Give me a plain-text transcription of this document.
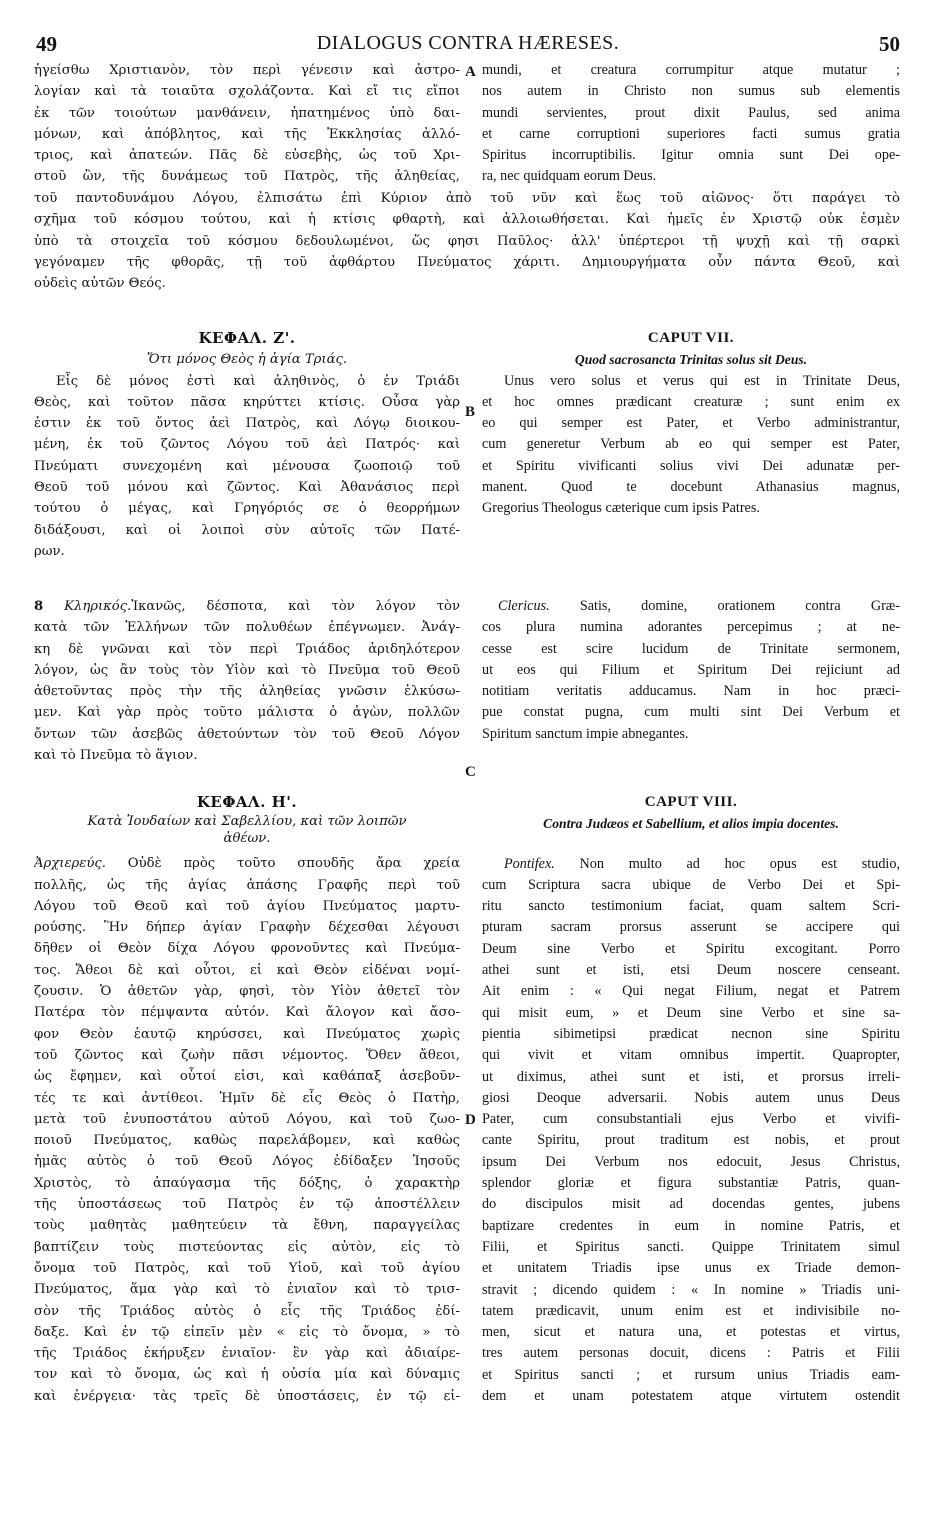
49	DIALOGUS CONTRA HÆRESES.	50
ἡγείσθω Χριστιανὸν, τὸν περὶ γένεσιν καὶ ἀστρο-
λογίαν καὶ τὰ τοιαῦτα σχολάζοντα. Καὶ εἴ τις εἴποι
ἐκ τῶν τοιούτων μανθάνειν, ἠπατημένος ὑπὸ δαι-
μόνων, καὶ ἀπόβλητος, καὶ τῆς Ἐκκλησίας ἀλλό-
τριος, καὶ ἀπατεών. Πᾶς δὲ εὐσεβὴς, ὡς τοῦ Χρι-
στοῦ ὢν, τῆς δυνάμεως τοῦ Πατρὸς, τῆς ἀληθείας,
A mundi, et creatura corrumpitur atque mutatur ;
nos autem in Christo non sumus sub elementis
mundi servientes, prout dixit Paulus, sed anima
et carne corruptioni superiores facti sumus gratia
Spiritus incorruptibilis. Igitur omnia sunt Dei ope-
ra, nec quidquam eorum Deus.
τοῦ παντοδυνάμου Λόγου, ἐλπισάτω ἐπὶ Κύριον ἀπὸ τοῦ νῦν καὶ ἕως τοῦ αἰῶνος· ὅτι παράγει τὸ
σχῆμα τοῦ κόσμου τούτου, καὶ ἡ κτίσις φθαρτὴ, καὶ ἀλλοιωθήσεται. Καὶ ἡμεῖς ἐν Χριστῷ οὐκ ἐσμὲν
ὑπὸ τὰ στοιχεῖα τοῦ κόσμου δεδουλωμένοι, ὥς φησι Παῦλος· ἀλλ' ὑπέρτεροι τῇ ψυχῇ καὶ τῇ σαρκὶ
γεγόναμεν τῆς φθορᾶς, τῇ τοῦ ἀφθάρτου Πνεύματος χάριτι. Δημιουργήματα οὖν πάντα Θεοῦ, καὶ
οὐδεὶς αὐτῶν Θεός.
ΚΕΦΑΛ. Ζ'.
Ὅτι μόνος Θεὸς ἡ ἁγία Τριάς.
Εἷς δὲ μόνος ἐστὶ καὶ ἀληθινὸς, ὁ ἐν Τριάδι
Θεὸς, καὶ τοῦτον πᾶσα κηρύττει κτίσις. Οὖσα γὰρ
ἐστιν ἐκ τοῦ ὄντος ἀεὶ Πατρὸς, καὶ Λόγῳ διοικου-
μένη, ἐκ τοῦ ζῶντος Λόγου τοῦ ἀεὶ Πατρός· καὶ
Πνεύματι συνεχομένη καὶ μένουσα ζωοποιῷ τοῦ
Θεοῦ τοῦ μόνου καὶ ζῶντος. Καὶ Ἀθανάσιος περὶ
τούτου ὁ μέγας, καὶ Γρηγόριός σε ὁ θεορρήμων
διδάξουσι, καὶ οἱ λοιποὶ σὺν αὐτοῖς τῶν Πατέ-
ρων.
B
CAPUT VII.
Quod sacrosancta Trinitas solus sit Deus.
Unus vero solus et verus qui est in Trinitate Deus,
et hoc omnes prædicant creaturæ ; sunt enim ex
eo qui semper est Pater, et Verbo administrantur,
cum generetur Verbum ab eo qui semper est Pater,
et Spiritu vivificanti solius vivi Dei adunatæ per-
manent. Quod te docebunt Athanasius magnus,
Gregorius Theologus cæterique cum ipsis Patres.
8 Κληρικός.Ἱκανῶς, δέσποτα, καὶ τὸν λόγον τὸν
κατὰ τῶν Ἑλλήνων τῶν πολυθέων ἐπέγνωμεν. Ἀνάγ-
κη δὲ γνῶναι καὶ τὸν περὶ Τριάδος ἀριδηλότερον
λόγον, ὡς ἂν τοὺς τὸν Υἱὸν καὶ τὸ Πνεῦμα τοῦ Θεοῦ
ἀθετοῦντας πρὸς τὴν τῆς ἀληθείας γνῶσιν ἑλκύσω-
μεν. Καὶ γὰρ πρὸς τοῦτο μάλιστα ὁ ἀγὼν, πολλῶν
ὄντων τῶν ἀσεβῶς ἀθετούντων τὸν τοῦ Θεοῦ Λόγον
καὶ τὸ Πνεῦμα τὸ ἅγιον.
C
Clericus. Satis, domine, orationem contra Græ-
cos plura numina adorantes percepimus ; at ne-
cesse est scire lucidum de Trinitate sermonem,
ut eos qui Filium et Spiritum Dei rejiciunt ad
notitiam veritatis adducamus. Nam in hoc præci-
pue constat pugna, cum multi sint Dei Verbum et
Spiritum sanctum impie abnegantes.
ΚΕΦΑΛ. Η'.
Κατὰ Ἰουδαίων καὶ Σαβελλίου, καὶ τῶν λοιπῶν
ἀθέων.
Ἀρχιερεύς. Οὐδὲ πρὸς τοῦτο σπουδῆς ἄρα χρεία
πολλῆς, ὡς τῆς ἁγίας ἁπάσης Γραφῆς περὶ τοῦ
Λόγου τοῦ Θεοῦ καὶ τοῦ ἁγίου Πνεύματος μαρτυ-
ρούσης. Ἣν δήπερ ἁγίαν Γραφὴν δέχεσθαι λέγουσι
δῆθεν οἱ Θεὸν δίχα Λόγου φρονοῦντες καὶ Πνεύμα-
τος. Ἄθεοι δὲ καὶ οὗτοι, εἰ καὶ Θεὸν εἰδέναι νομί-
ζουσιν. Ὁ ἀθετῶν γὰρ, φησὶ, τὸν Υἱὸν ἀθετεῖ τὸν
Πατέρα τὸν πέμψαντα αὐτόν. Καὶ ἄλογον καὶ ἄσο-
φον Θεὸν ἑαυτῷ κηρύσσει, καὶ Πνεύματος χωρὶς
τοῦ ζῶντος καὶ ζωὴν πᾶσι νέμοντος. Ὅθεν ἄθεοι,
ὡς ἔφημεν, καὶ οὗτοί εἰσι, καὶ καθάπαξ ἀσεβοῦν-
τές τε καὶ ἀντίθεοι. Ἡμῖν δὲ εἷς Θεὸς ὁ Πατὴρ,
μετὰ τοῦ ἐνυποστάτου αὐτοῦ Λόγου, καὶ τοῦ ζωο-
ποιοῦ Πνεύματος, καθὼς παρελάβομεν, καὶ καθὼς
ἡμᾶς αὐτὸς ὁ τοῦ Θεοῦ Λόγος ἐδίδαξεν Ἰησοῦς
Χριστὸς, τὸ ἀπαύγασμα τῆς δόξης, ὁ χαρακτὴρ
τῆς ὑποστάσεως τοῦ Πατρὸς ἐν τῷ ἀποστέλλειν
τοὺς μαθητὰς μαθητεύειν τὰ ἔθνη, παραγγείλας
βαπτίζειν τοὺς πιστεύοντας εἰς αὐτὸν, εἰς τὸ
ὄνομα τοῦ Πατρὸς, καὶ τοῦ Υἱοῦ, καὶ τοῦ ἁγίου
Πνεύματος, ἅμα γὰρ καὶ τὸ ἑνιαῖον καὶ τὸ τρισ-
σὸν τῆς Τριάδος αὐτὸς ὁ εἷς τῆς Τριάδος ἐδί-
δαξε. Καὶ ἐν τῷ εἰπεῖν μὲν « εἰς τὸ ὄνομα, » τὸ
τῆς Τριάδος ἐκήρυξεν ἑνιαῖον· ἓν γὰρ καὶ ἀδιαίρε-
τον καὶ τὸ ὄνομα, ὡς καὶ ἡ οὐσία μία καὶ δύναμις
καὶ ἐνέργεια· τὰς τρεῖς δὲ ὑποστάσεις, ἐν τῷ εἰ-
D
CAPUT VIII.
Contra Judæos et Sabellium, et alios impia docentes.
Pontifex. Non multo ad hoc opus est studio,
cum Scriptura sacra ubique de Verbo Dei et Spi-
ritu sancto testimonium faciat, quam saltem Scri-
pturam sacram prorsus asserunt se accipere qui
Deum sine Verbo et Spiritu excogitant. Porro
athei sunt et isti, etsi Deum noscere censeant.
Ait enim : « Qui negat Filium, negat et Patrem
qui misit eum, » et Deum sine Verbo et sine sa-
pientia sibimetipsi prædicat necnon sine Spiritu
qui vivit et vitam omnibus impertit. Quapropter,
ut diximus, athei sunt et isti, et prorsus irreli-
giosi Deoque adversarii. Nobis autem unus Deus
Pater, cum consubstantiali ejus Verbo et vivifi-
cante Spiritu, prout traditum est nobis, et prout
ipsum Dei Verbum nos edocuit, Jesus Christus,
splendor gloriæ et figura substantiæ Patris, quan-
do discipulos misit ad docendas gentes, jubens
baptizare credentes in eum in nomine Patris, et
Filii, et Spiritus sancti. Quippe Trinitatem simul
et unitatem Triadis ipse unus ex Triade demon-
stravit ; dicendo quidem : « In nomine » Triadis uni-
tatem prædicavit, unum enim est et indivisibile no-
men, sicut et natura una, et potestas et virtus,
tres autem personas docuit, dicens : Patris et Filii
et Spiritus sancti ; et rursum unius Triadis eam-
dem et unam potestatem atque virtutem ostendit
